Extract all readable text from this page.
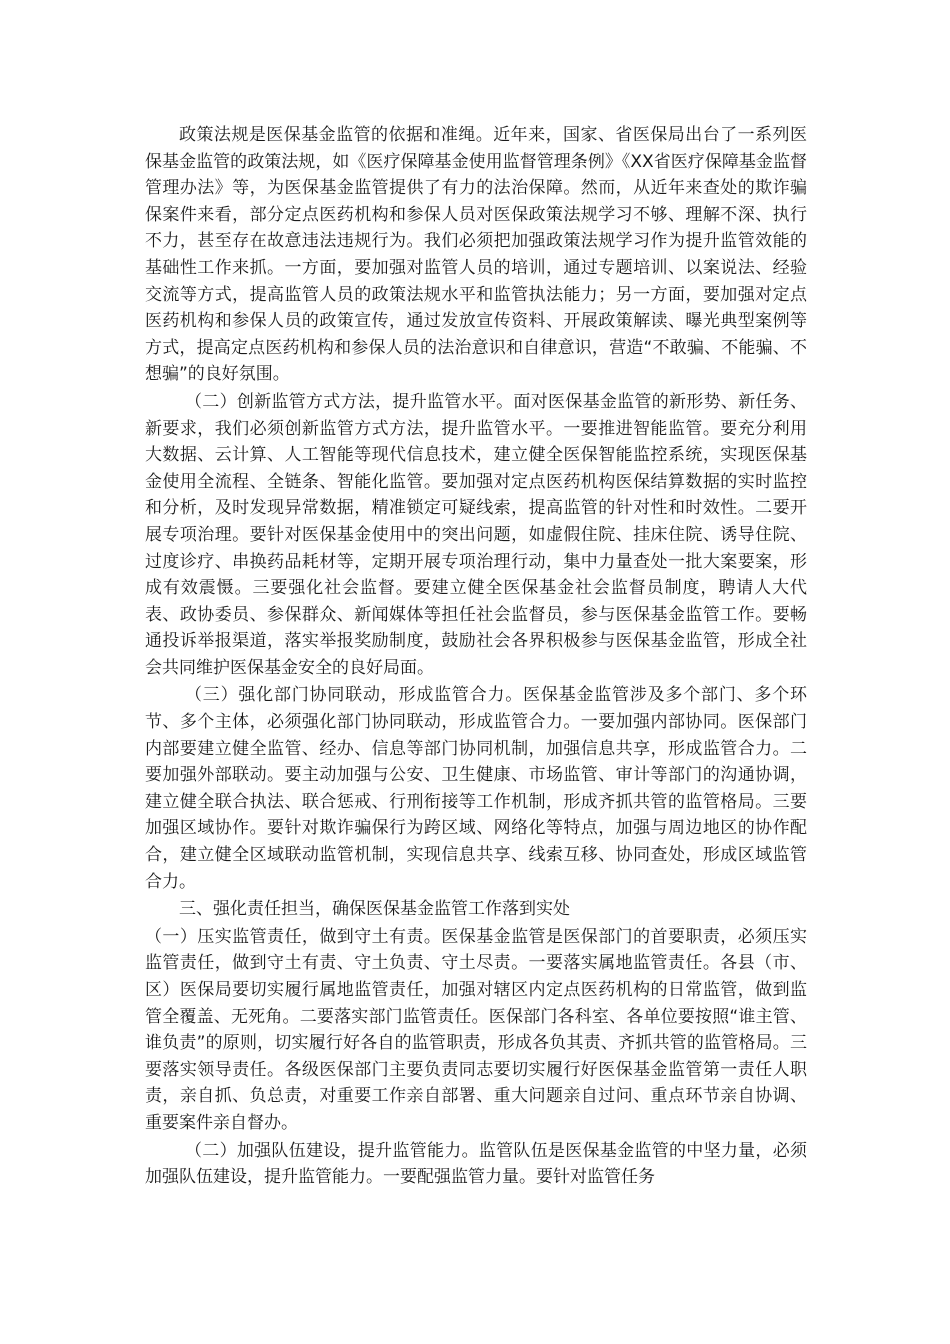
政策法规是医保基金监管的依据和准绳。近年来，国家、省医保局出台了一系列医保基金监管的政策法规，如《医疗保障基金使用监督管理条例》《XX省医疗保障基金监督管理办法》等，为医保基金监管提供了有力的法治保障。然而，从近年来查处的欺诈骗保案件来看，部分定点医药机构和参保人员对医保政策法规学习不够、理解不深、执行不力，甚至存在故意违法违规行为。我们必须把加强政策法规学习作为提升监管效能的基础性工作来抓。一方面，要加强对监管人员的培训，通过专题培训、以案说法、经验交流等方式，提高监管人员的政策法规水平和监管执法能力；另一方面，要加强对定点医药机构和参保人员的政策宣传，通过发放宣传资料、开展政策解读、曝光典型案例等方式，提高定点医药机构和参保人员的法治意识和自律意识，营造“不敢骗、不能骗、不想骗”的良好氛围。

（二）创新监管方式方法，提升监管水平。面对医保基金监管的新形势、新任务、新要求，我们必须创新监管方式方法，提升监管水平。一要推进智能监管。要充分利用大数据、云计算、人工智能等现代信息技术，建立健全医保智能监控系统，实现医保基金使用全流程、全链条、智能化监管。要加强对定点医药机构医保结算数据的实时监控和分析，及时发现异常数据，精准锁定可疑线索，提高监管的针对性和时效性。二要开展专项治理。要针对医保基金使用中的突出问题，如虚假住院、挂床住院、诱导住院、过度诊疗、串换药品耗材等，定期开展专项治理行动，集中力量查处一批大案要案，形成有效震慑。三要强化社会监督。要建立健全医保基金社会监督员制度，聘请人大代表、政协委员、参保群众、新闻媒体等担任社会监督员，参与医保基金监管工作。要畅通投诉举报渠道，落实举报奖励制度，鼓励社会各界积极参与医保基金监管，形成全社会共同维护医保基金安全的良好局面。

（三）强化部门协同联动，形成监管合力。医保基金监管涉及多个部门、多个环节、多个主体，必须强化部门协同联动，形成监管合力。一要加强内部协同。医保部门内部要建立健全监管、经办、信息等部门协同机制，加强信息共享，形成监管合力。二要加强外部联动。要主动加强与公安、卫生健康、市场监管、审计等部门的沟通协调，建立健全联合执法、联合惩戒、行刑衔接等工作机制，形成齐抓共管的监管格局。三要加强区域协作。要针对欺诈骗保行为跨区域、网络化等特点，加强与周边地区的协作配合，建立健全区域联动监管机制，实现信息共享、线索互移、协同查处，形成区域监管合力。

三、强化责任担当，确保医保基金监管工作落到实处

（一）压实监管责任，做到守土有责。医保基金监管是医保部门的首要职责，必须压实监管责任，做到守土有责、守土负责、守土尽责。一要落实属地监管责任。各县（市、区）医保局要切实履行属地监管责任，加强对辖区内定点医药机构的日常监管，做到监管全覆盖、无死角。二要落实部门监管责任。医保部门各科室、各单位要按照“谁主管、谁负责”的原则，切实履行好各自的监管职责，形成各负其责、齐抓共管的监管格局。三要落实领导责任。各级医保部门主要负责同志要切实履行好医保基金监管第一责任人职责，亲自抓、负总责，对重要工作亲自部署、重大问题亲自过问、重点环节亲自协调、重要案件亲自督办。

（二）加强队伍建设，提升监管能力。监管队伍是医保基金监管的中坚力量，必须加强队伍建设，提升监管能力。一要配强监管力量。要针对监管任务
